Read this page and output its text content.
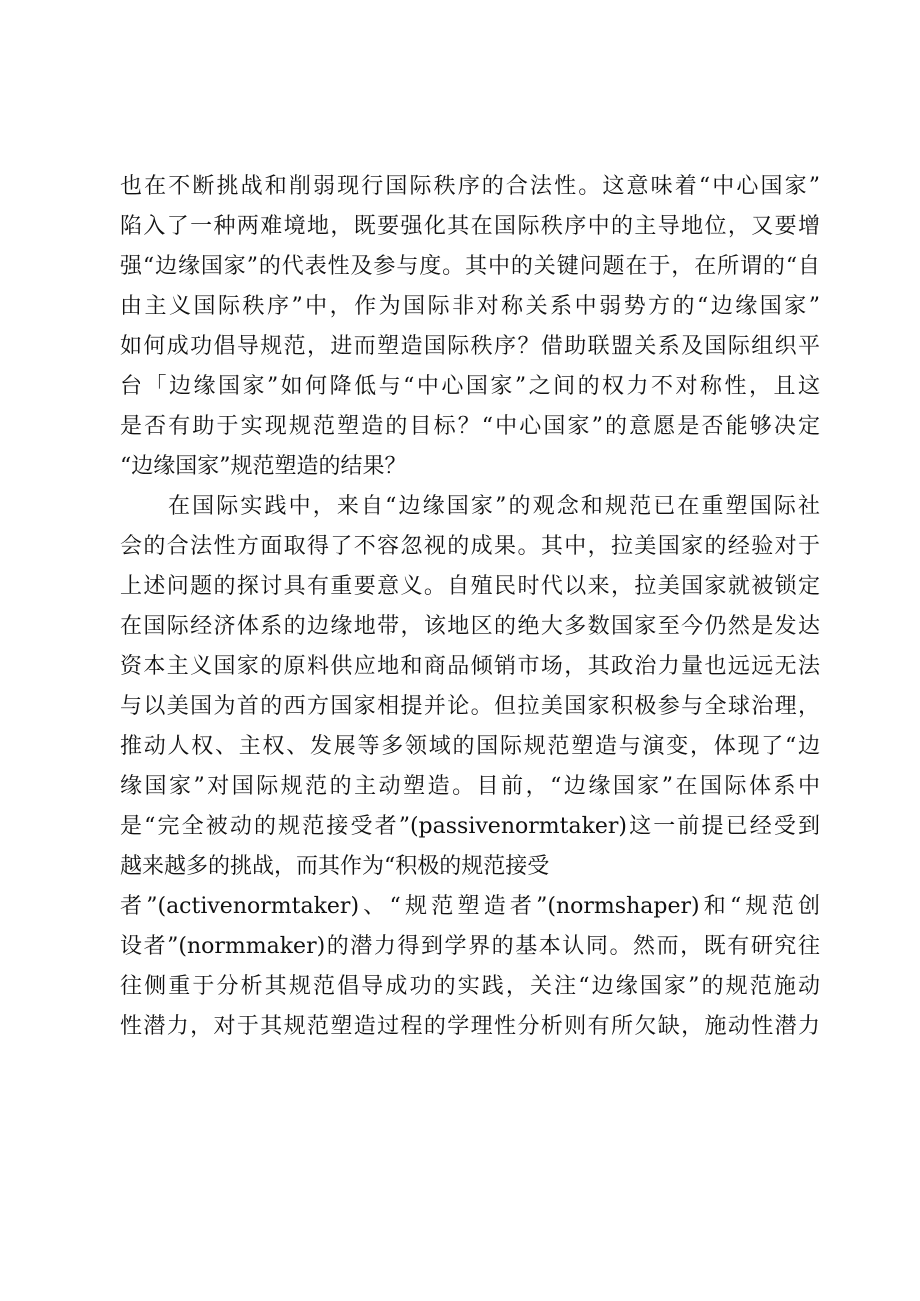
也在不断挑战和削弱现行国际秩序的合法性。这意味着“中心国家”
陷入了一种两难境地，既要强化其在国际秩序中的主导地位，又要增
强“边缘国家”的代表性及参与度。其中的关键问题在于，在所谓的“自
由主义国际秩序”中，作为国际非对称关系中弱势方的“边缘国家”
如何成功倡导规范，进而塑造国际秩序？借助联盟关系及国际组织平
台「边缘国家”如何降低与“中心国家”之间的权力不对称性，且这
是否有助于实现规范塑造的目标？“中心国家”的意愿是否能够决定
“边缘国家”规范塑造的结果？
在国际实践中，来自“边缘国家”的观念和规范已在重塑国际社
会的合法性方面取得了不容忽视的成果。其中，拉美国家的经验对于
上述问题的探讨具有重要意义。自殖民时代以来，拉美国家就被锁定
在国际经济体系的边缘地带，该地区的绝大多数国家至今仍然是发达
资本主义国家的原料供应地和商品倾销市场，其政治力量也远远无法
与以美国为首的西方国家相提并论。但拉美国家积极参与全球治理，
推动人权、主权、发展等多领域的国际规范塑造与演变，体现了“边
缘国家”对国际规范的主动塑造。目前，“边缘国家”在国际体系中
是“完全被动的规范接受者”(passivenormtaker)这一前提已经受到
越来越多的挑战，而其作为“积极的规范接受
者”(activenormtaker)、“规范塑造者”(normshaper)和“规范创
设者”(normmaker)的潜力得到学界的基本认同。然而，既有研究往
往侧重于分析其规范倡导成功的实践，关注“边缘国家”的规范施动
性潜力，对于其规范塑造过程的学理性分析则有所欠缺，施动性潜力
